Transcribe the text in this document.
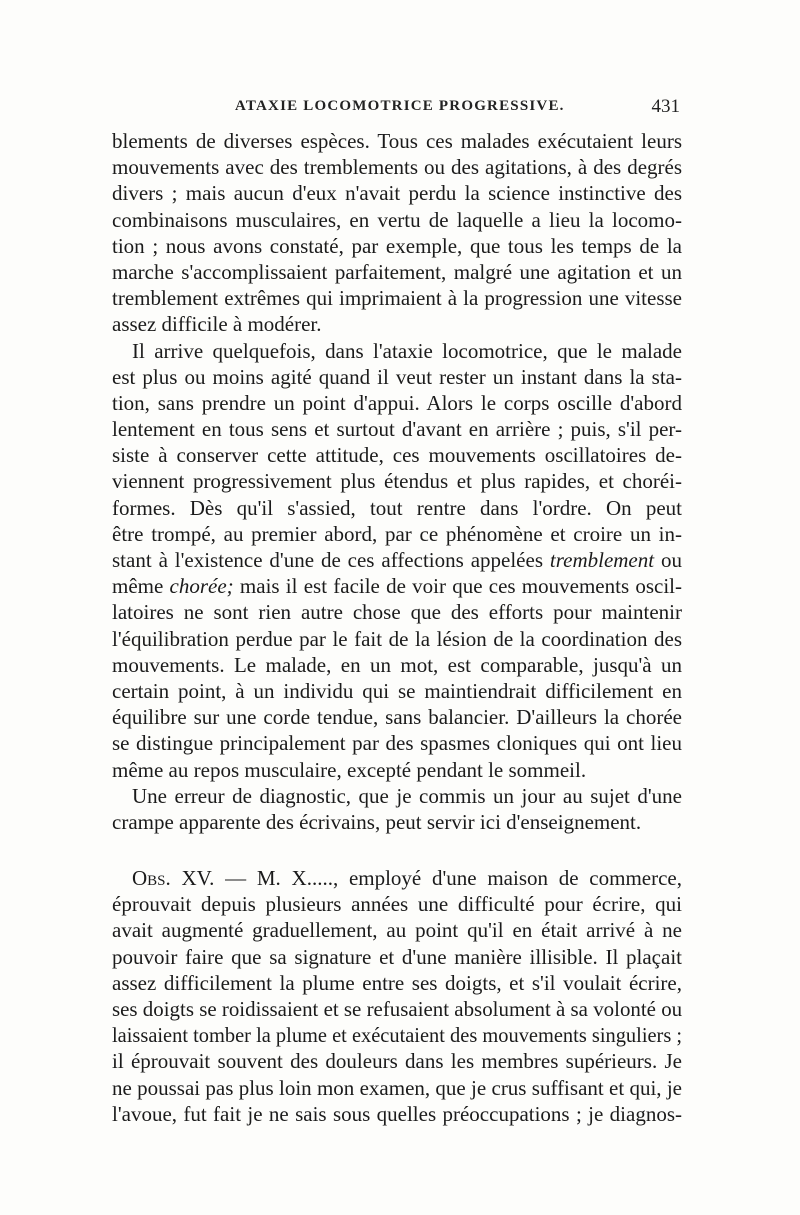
ATAXIE LOCOMOTRICE PROGRESSIVE.	431
blements de diverses espèces. Tous ces malades exécutaient leurs
mouvements avec des tremblements ou des agitations, à des degrés
divers ; mais aucun d'eux n'avait perdu la science instinctive des
combinaisons musculaires, en vertu de laquelle a lieu la locomo-
tion ; nous avons constaté, par exemple, que tous les temps de la
marche s'accomplissaient parfaitement, malgré une agitation et un
tremblement extrêmes qui imprimaient à la progression une vitesse
assez difficile à modérer.
Il arrive quelquefois, dans l'ataxie locomotrice, que le malade
est plus ou moins agité quand il veut rester un instant dans la sta-
tion, sans prendre un point d'appui. Alors le corps oscille d'abord
lentement en tous sens et surtout d'avant en arrière ; puis, s'il per-
siste à conserver cette attitude, ces mouvements oscillatoires de-
viennent progressivement plus étendus et plus rapides, et choréi-
formes. Dès qu'il s'assied, tout rentre dans l'ordre. On peut
être trompé, au premier abord, par ce phénomène et croire un in-
stant à l'existence d'une de ces affections appelées tremblement ou
même chorée; mais il est facile de voir que ces mouvements oscil-
latoires ne sont rien autre chose que des efforts pour maintenir
l'équilibration perdue par le fait de la lésion de la coordination des
mouvements. Le malade, en un mot, est comparable, jusqu'à un
certain point, à un individu qui se maintiendrait difficilement en
équilibre sur une corde tendue, sans balancier. D'ailleurs la chorée
se distingue principalement par des spasmes cloniques qui ont lieu
même au repos musculaire, excepté pendant le sommeil.
Une erreur de diagnostic, que je commis un jour au sujet d'une
crampe apparente des écrivains, peut servir ici d'enseignement.
Obs. XV. — M. X....., employé d'une maison de commerce,
éprouvait depuis plusieurs années une difficulté pour écrire, qui
avait augmenté graduellement, au point qu'il en était arrivé à ne
pouvoir faire que sa signature et d'une manière illisible. Il plaçait
assez difficilement la plume entre ses doigts, et s'il voulait écrire,
ses doigts se roidissaient et se refusaient absolument à sa volonté ou
laissaient tomber la plume et exécutaient des mouvements singuliers ;
il éprouvait souvent des douleurs dans les membres supérieurs. Je
ne poussai pas plus loin mon examen, que je crus suffisant et qui, je
l'avoue, fut fait je ne sais sous quelles préoccupations ; je diagnos-
